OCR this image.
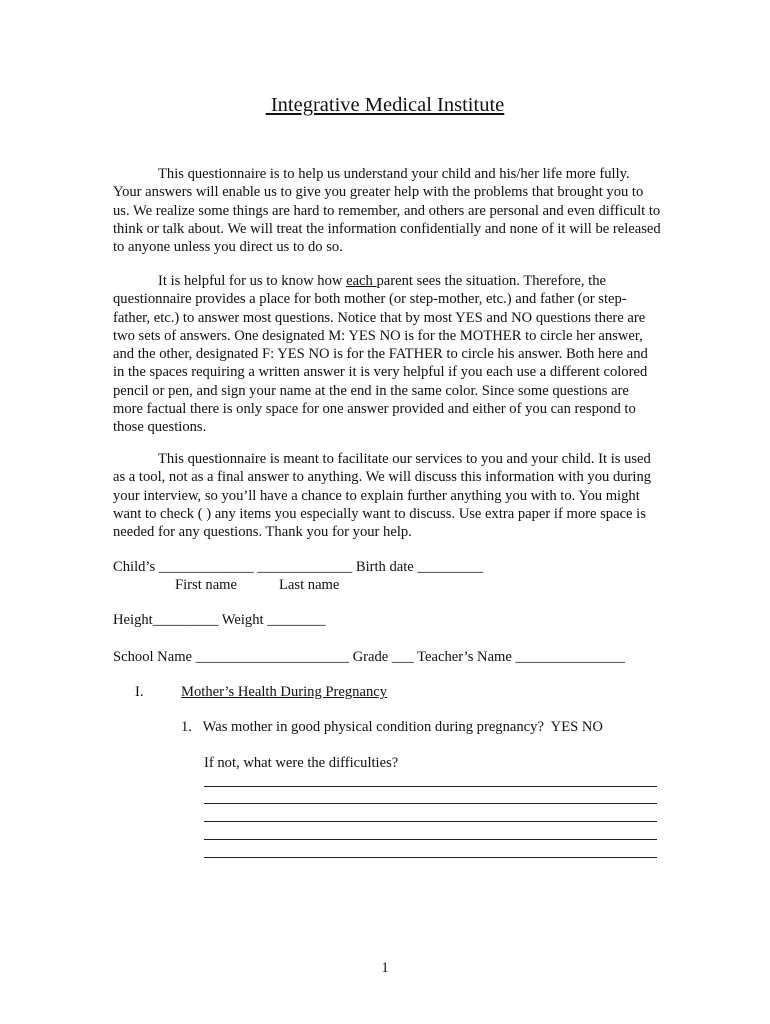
Integrative Medical Institute

This questionnaire is to help us understand your child and his/her life more fully. Your answers will enable us to give you greater help with the problems that brought you to us. We realize some things are hard to remember, and others are personal and even difficult to think or talk about. We will treat the information confidentially and none of it will be released to anyone unless you direct us to do so.

It is helpful for us to know how each parent sees the situation. Therefore, the questionnaire provides a place for both mother (or step-mother, etc.) and father (or step-father, etc.) to answer most questions. Notice that by most YES and NO questions there are two sets of answers. One designated M: YES NO is for the MOTHER to circle her answer, and the other, designated F: YES NO is for the FATHER to circle his answer. Both here and in the spaces requiring a written answer it is very helpful if you each use a different colored pencil or pen, and sign your name at the end in the same color. Since some questions are more factual there is only space for one answer provided and either of you can respond to those questions.

This questionnaire is meant to facilitate our services to you and your child. It is used as a tool, not as a final answer to anything. We will discuss this information with you during your interview, so you’ll have a chance to explain further anything you with to. You might want to check ( ) any items you especially want to discuss. Use extra paper if more space is needed for any questions. Thank you for your help.

Child’s _____________ _____________ Birth date _________
First name	Last name
Height_________ Weight ________
School Name _____________________ Grade ___ Teacher’s Name _______________
I.	Mother’s Health During Pregnancy
1.   Was mother in good physical condition during pregnancy?  YES NO
If not, what were the difficulties?
1
